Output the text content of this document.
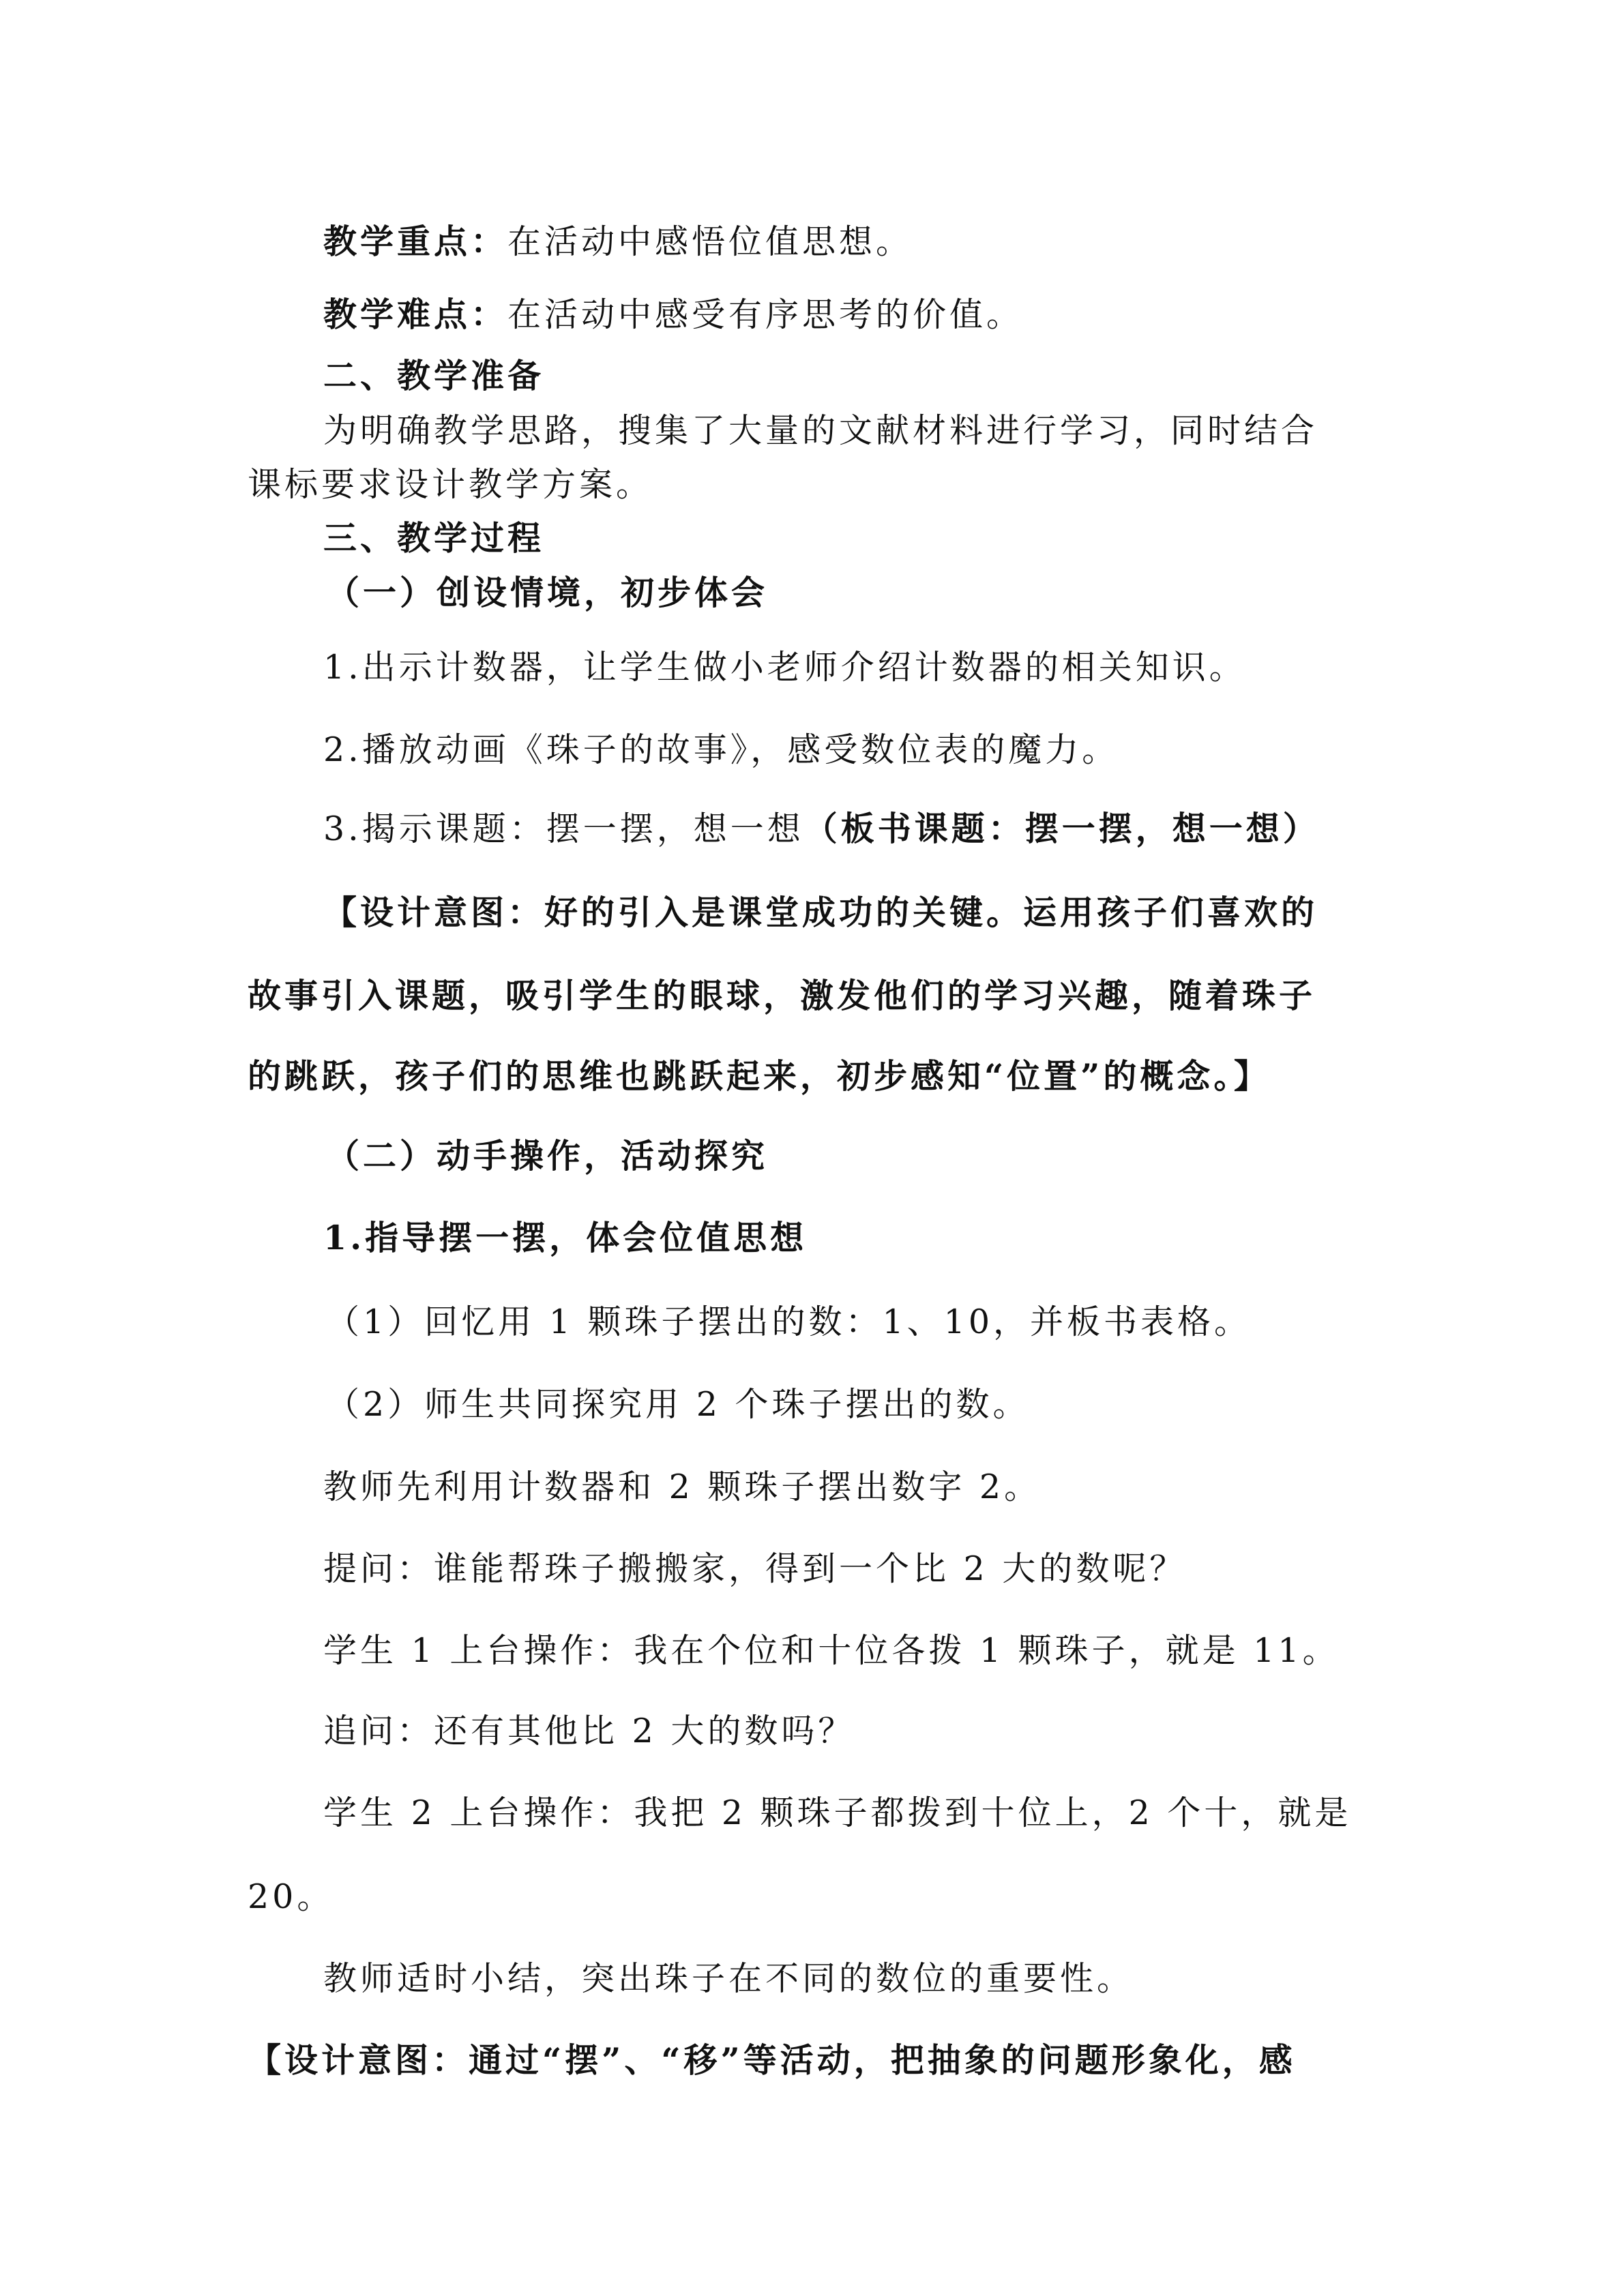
教学重点：在活动中感悟位值思想。
教学难点：在活动中感受有序思考的价值。
二、教学准备
为明确教学思路，搜集了大量的文献材料进行学习，同时结合
课标要求设计教学方案。
三、教学过程
（一）创设情境，初步体会
1.出示计数器，让学生做小老师介绍计数器的相关知识。
2.播放动画《珠子的故事》，感受数位表的魔力。
3.揭示课题：摆一摆，想一想（板书课题：摆一摆，想一想）
【设计意图：好的引入是课堂成功的关键。运用孩子们喜欢的
故事引入课题，吸引学生的眼球，激发他们的学习兴趣，随着珠子
的跳跃，孩子们的思维也跳跃起来，初步感知“位置”的概念。】
（二）动手操作，活动探究
1.指导摆一摆，体会位值思想
（1）回忆用 1 颗珠子摆出的数：1、10，并板书表格。
（2）师生共同探究用 2 个珠子摆出的数。
教师先利用计数器和 2 颗珠子摆出数字 2。
提问：谁能帮珠子搬搬家，得到一个比 2 大的数呢？
学生 1 上台操作：我在个位和十位各拨 1 颗珠子，就是 11。
追问：还有其他比 2 大的数吗？
学生 2 上台操作：我把 2 颗珠子都拨到十位上，2 个十，就是
20。
教师适时小结，突出珠子在不同的数位的重要性。
【设计意图：通过“摆”、“移”等活动，把抽象的问题形象化，感
